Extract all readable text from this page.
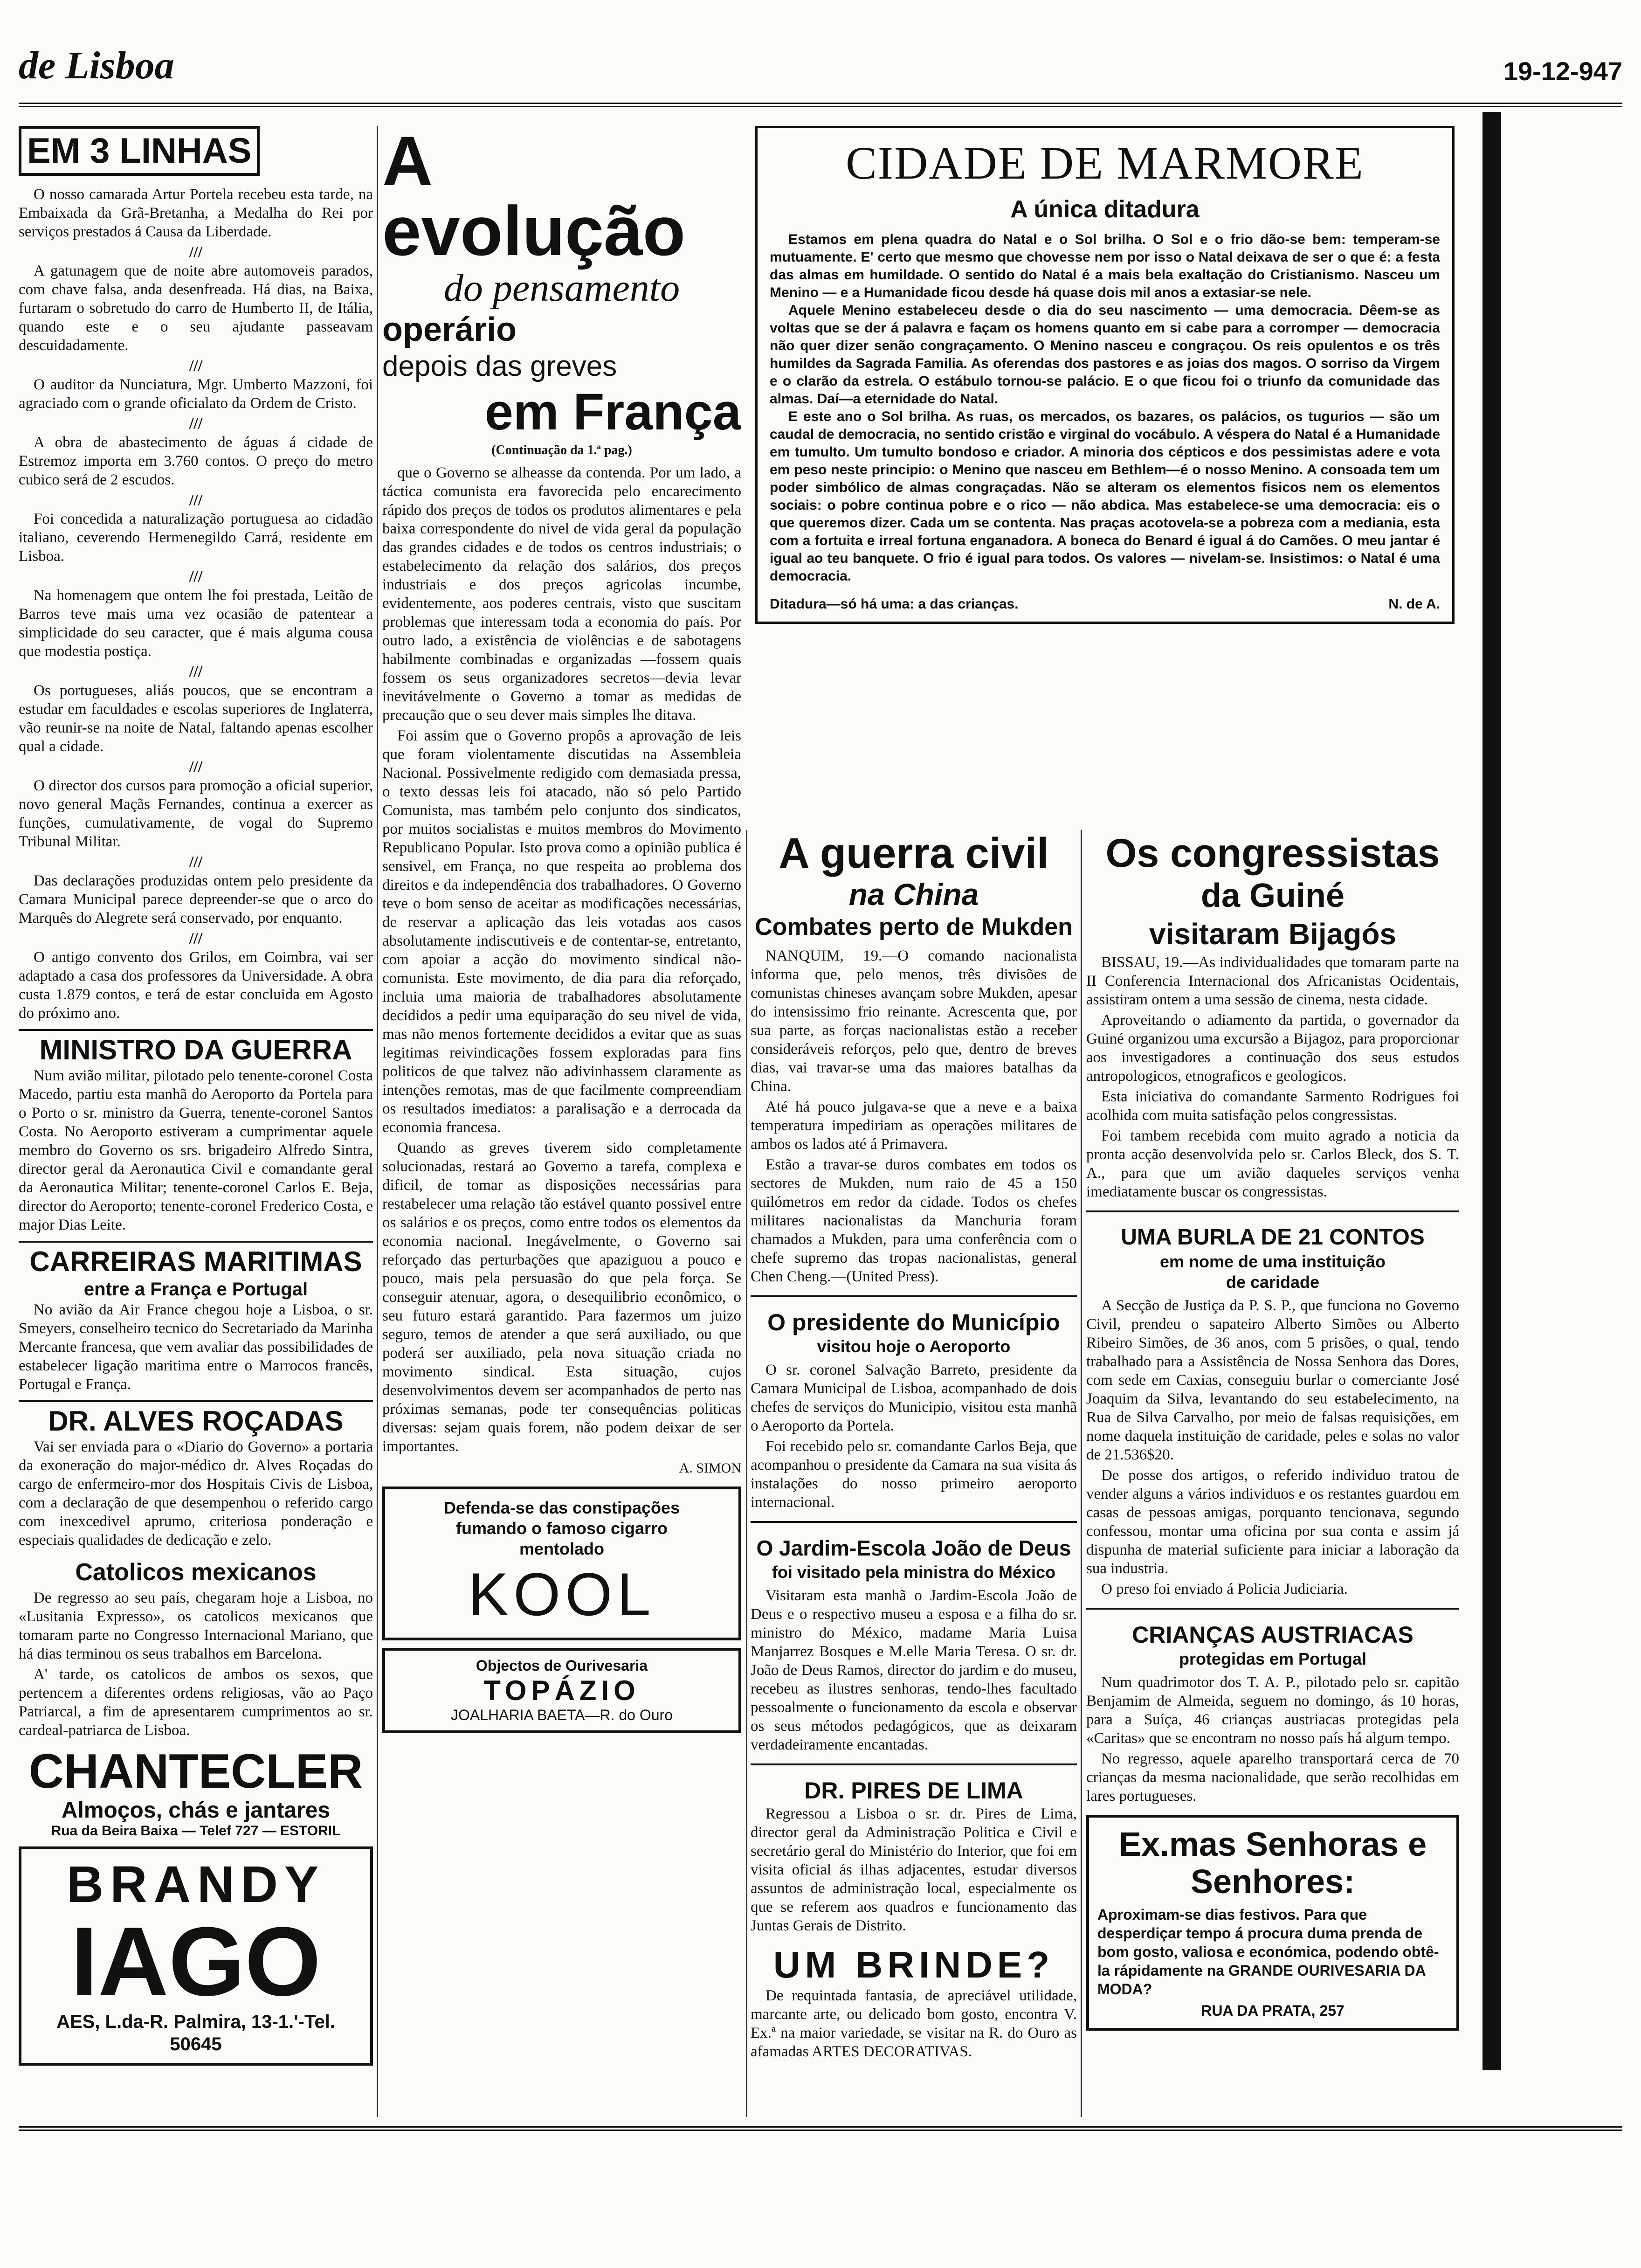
de Lisboa	19-12-947
EM 3 LINHAS

O nosso camarada Artur Portela recebeu esta tarde, na Embaixada da Grã-Bretanha, a Medalha do Rei por serviços prestados á Causa da Liberdade.

///

A gatunagem que de noite abre automoveis parados, com chave falsa, anda desenfreada. Há dias, na Baixa, furtaram o sobretudo do carro de Humberto II, de Itália, quando este e o seu ajudante passeavam descuidadamente.

///

O auditor da Nunciatura, Mgr. Umberto Mazzoni, foi agraciado com o grande oficialato da Ordem de Cristo.

///

A obra de abastecimento de águas á cidade de Estremoz importa em 3.760 contos. O preço do metro cubico será de 2 escudos.

///

Foi concedida a naturalização portuguesa ao cidadão italiano, ceverendo Hermenegildo Carrá, residente em Lisboa.

///

Na homenagem que ontem lhe foi prestada, Leitão de Barros teve mais uma vez ocasião de patentear a simplicidade do seu caracter, que é mais alguma cousa que modestia postiça.

///

Os portugueses, aliás poucos, que se encontram a estudar em faculdades e escolas superiores de Inglaterra, vão reunir-se na noite de Natal, faltando apenas escolher qual a cidade.

///

O director dos cursos para promoção a oficial superior, novo general Maçãs Fernandes, continua a exercer as funções, cumulativamente, de vogal do Supremo Tribunal Militar.

///

Das declarações produzidas ontem pelo presidente da Camara Municipal parece depreender-se que o arco do Marquês do Alegrete será conservado, por enquanto.

///

O antigo convento dos Grilos, em Coimbra, vai ser adaptado a casa dos professores da Universidade. A obra custa 1.879 contos, e terá de estar concluida em Agosto do próximo ano.

MINISTRO DA GUERRA

Num avião militar, pilotado pelo tenente-coronel Costa Macedo, partiu esta manhã do Aeroporto da Portela para o Porto o sr. ministro da Guerra, tenente-coronel Santos Costa. No Aeroporto estiveram a cumprimentar aquele membro do Governo os srs. brigadeiro Alfredo Sintra, director geral da Aeronautica Civil e comandante geral da Aeronautica Militar; tenente-coronel Carlos E. Beja, director do Aeroporto; tenente-coronel Frederico Costa, e major Dias Leite.

CARREIRAS MARITIMAS
entre a França e Portugal

No avião da Air France chegou hoje a Lisboa, o sr. Smeyers, conselheiro tecnico do Secretariado da Marinha Mercante francesa, que vem avaliar das possibilidades de estabelecer ligação maritima entre o Marrocos francês, Portugal e França.

DR. ALVES ROÇADAS

Vai ser enviada para o «Diario do Governo» a portaria da exoneração do major-médico dr. Alves Roçadas do cargo de enfermeiro-mor dos Hospitais Civis de Lisboa, com a declaração de que desempenhou o referido cargo com inexcedivel aprumo, criteriosa ponderação e especiais qualidades de dedicação e zelo.

Catolicos mexicanos

De regresso ao seu país, chegaram hoje a Lisboa, no «Lusitania Expresso», os catolicos mexicanos que tomaram parte no Congresso Internacional Mariano, que há dias terminou os seus trabalhos em Barcelona.

A' tarde, os catolicos de ambos os sexos, que pertencem a diferentes ordens religiosas, vão ao Paço Patriarcal, a fim de apresentarem cumprimentos ao sr. cardeal-patriarca de Lisboa.

CHANTECLER
Almoços, chás e jantares
Rua da Beira Baixa — Telef 727 — ESTORIL
BRANDY
IAGO
AES, L.da-R. Palmira, 13-1.'-Tel. 50645
A evolução
do pensamento
operário
depois das greves
em França
(Continuação da 1.ª pag.)

que o Governo se alheasse da contenda. Por um lado, a táctica comunista era favorecida pelo encarecimento rápido dos preços de todos os produtos alimentares e pela baixa correspondente do nivel de vida geral da população das grandes cidades e de todos os centros industriais; o estabelecimento da relação dos salários, dos preços industriais e dos preços agricolas incumbe, evidentemente, aos poderes centrais, visto que suscitam problemas que interessam toda a economia do país. Por outro lado, a existência de violências e de sabotagens habilmente combinadas e organizadas —fossem quais fossem os seus organizadores secretos—devia levar inevitávelmente o Governo a tomar as medidas de precaução que o seu dever mais simples lhe ditava.

Foi assim que o Governo propôs a aprovação de leis que foram violentamente discutidas na Assembleia Nacional. Possivelmente redigido com demasiada pressa, o texto dessas leis foi atacado, não só pelo Partido Comunista, mas também pelo conjunto dos sindicatos, por muitos socialistas e muitos membros do Movimento Republicano Popular. Isto prova como a opinião publica é sensivel, em França, no que respeita ao problema dos direitos e da independência dos trabalhadores. O Governo teve o bom senso de aceitar as modificações necessárias, de reservar a aplicação das leis votadas aos casos absolutamente indiscutiveis e de contentar-se, entretanto, com apoiar a acção do movimento sindical não-comunista. Este movimento, de dia para dia reforçado, incluia uma maioria de trabalhadores absolutamente decididos a pedir uma equiparação do seu nivel de vida, mas não menos fortemente decididos a evitar que as suas legitimas reivindicações fossem exploradas para fins politicos de que talvez não adivinhassem claramente as intenções remotas, mas de que facilmente compreendiam os resultados imediatos: a paralisação e a derrocada da economia francesa.

Quando as greves tiverem sido completamente solucionadas, restará ao Governo a tarefa, complexa e dificil, de tomar as disposições necessárias para restabelecer uma relação tão estável quanto possivel entre os salários e os preços, como entre todos os elementos da economia nacional. Inegávelmente, o Governo sai reforçado das perturbações que apaziguou a pouco e pouco, mais pela persuasão do que pela força. Se conseguir atenuar, agora, o desequilibrio econômico, o seu futuro estará garantido. Para fazermos um juizo seguro, temos de atender a que será auxiliado, ou que poderá ser auxiliado, pela nova situação criada no movimento sindical. Esta situação, cujos desenvolvimentos devem ser acompanhados de perto nas próximas semanas, pode ter consequências politicas diversas: sejam quais forem, não podem deixar de ser importantes.

A. SIMON
Defenda-se das constipações
fumando o famoso cigarro
mentolado
KOOL
Objectos de Ourivesaria
TOPÁZIO
JOALHARIA BAETA—R. do Ouro
CIDADE DE MARMORE
A única ditadura

Estamos em plena quadra do Natal e o Sol brilha. O Sol e o frio dão-se bem: temperam-se mutuamente. E' certo que mesmo que chovesse nem por isso o Natal deixava de ser o que é: a festa das almas em humildade. O sentido do Natal é a mais bela exaltação do Cristianismo. Nasceu um Menino — e a Humanidade ficou desde há quase dois mil anos a extasiar-se nele.

Aquele Menino estabeleceu desde o dia do seu nascimento — uma democracia. Dêem-se as voltas que se der á palavra e façam os homens quanto em si cabe para a corromper — democracia não quer dizer senão congraçamento. O Menino nasceu e congraçou. Os reis opulentos e os três humildes da Sagrada Familia. As oferendas dos pastores e as joias dos magos. O sorriso da Virgem e o clarão da estrela. O estábulo tornou-se palácio. E o que ficou foi o triunfo da comunidade das almas. Daí—a eternidade do Natal.

E este ano o Sol brilha. As ruas, os mercados, os bazares, os palácios, os tugurios — são um caudal de democracia, no sentido cristão e virginal do vocábulo. A véspera do Natal é a Humanidade em tumulto. Um tumulto bondoso e criador. A minoria dos cépticos e dos pessimistas adere e vota em peso neste principio: o Menino que nasceu em Bethlem—é o nosso Menino. A consoada tem um poder simbólico de almas congraçadas. Não se alteram os elementos fisicos nem os elementos sociais: o pobre continua pobre e o rico — não abdica. Mas estabelece-se uma democracia: eis o que queremos dizer. Cada um se contenta. Nas praças acotovela-se a pobreza com a mediania, esta com a fortuita e irreal fortuna enganadora. A boneca do Benard é igual á do Camões. O meu jantar é igual ao teu banquete. O frio é igual para todos. Os valores — nivelam-se. Insistimos: o Natal é uma democracia.

Ditadura—só há uma: a das crianças.	N. de A.
A guerra civil
na China
Combates perto de Mukden

NANQUIM, 19.—O comando nacionalista informa que, pelo menos, três divisões de comunistas chineses avançam sobre Mukden, apesar do intensissimo frio reinante. Acrescenta que, por sua parte, as forças nacionalistas estão a receber consideráveis reforços, pelo que, dentro de breves dias, vai travar-se uma das maiores batalhas da China.

Até há pouco julgava-se que a neve e a baixa temperatura impediriam as operações militares de ambos os lados até á Primavera.

Estão a travar-se duros combates em todos os sectores de Mukden, num raio de 45 a 150 quilómetros em redor da cidade. Todos os chefes militares nacionalistas da Manchuria foram chamados a Mukden, para uma conferência com o chefe supremo das tropas nacionalistas, general Chen Cheng.—(United Press).

O presidente do Município
visitou hoje o Aeroporto

O sr. coronel Salvação Barreto, presidente da Camara Municipal de Lisboa, acompanhado de dois chefes de serviços do Municipio, visitou esta manhã o Aeroporto da Portela.

Foi recebido pelo sr. comandante Carlos Beja, que acompanhou o presidente da Camara na sua visita ás instalações do nosso primeiro aeroporto internacional.

O Jardim-Escola João de Deus
foi visitado pela ministra do México

Visitaram esta manhã o Jardim-Escola João de Deus e o respectivo museu a esposa e a filha do sr. ministro do México, madame Maria Luisa Manjarrez Bosques e M.elle Maria Teresa. O sr. dr. João de Deus Ramos, director do jardim e do museu, recebeu as ilustres senhoras, tendo-lhes facultado pessoalmente o funcionamento da escola e observar os seus métodos pedagógicos, que as deixaram verdadeiramente encantadas.

DR. PIRES DE LIMA

Regressou a Lisboa o sr. dr. Pires de Lima, director geral da Administração Politica e Civil e secretário geral do Ministério do Interior, que foi em visita oficial ás ilhas adjacentes, estudar diversos assuntos de administração local, especialmente os que se referem aos quadros e funcionamento das Juntas Gerais de Distrito.

UM BRINDE?

De requintada fantasia, de apreciável utilidade, marcante arte, ou delicado bom gosto, encontra V. Ex.ª na maior variedade, se visitar na R. do Ouro as afamadas ARTES DECORATIVAS.

Os congressistas
da Guiné
visitaram Bijagós

BISSAU, 19.—As individualidades que tomaram parte na II Conferencia Internacional dos Africanistas Ocidentais, assistiram ontem a uma sessão de cinema, nesta cidade.

Aproveitando o adiamento da partida, o governador da Guiné organizou uma excursão a Bijagoz, para proporcionar aos investigadores a continuação dos seus estudos antropologicos, etnograficos e geologicos.

Esta iniciativa do comandante Sarmento Rodrigues foi acolhida com muita satisfação pelos congressistas.

Foi tambem recebida com muito agrado a noticia da pronta acção desenvolvida pelo sr. Carlos Bleck, dos S. T. A., para que um avião daqueles serviços venha imediatamente buscar os congressistas.

UMA BURLA DE 21 CONTOS
em nome de uma instituição
de caridade

A Secção de Justiça da P. S. P., que funciona no Governo Civil, prendeu o sapateiro Alberto Simões ou Alberto Ribeiro Simões, de 36 anos, com 5 prisões, o qual, tendo trabalhado para a Assistência de Nossa Senhora das Dores, com sede em Caxias, conseguiu burlar o comerciante José Joaquim da Silva, levantando do seu estabelecimento, na Rua de Silva Carvalho, por meio de falsas requisições, em nome daquela instituição de caridade, peles e solas no valor de 21.536$20.

De posse dos artigos, o referido individuo tratou de vender alguns a vários individuos e os restantes guardou em casas de pessoas amigas, porquanto tencionava, segundo confessou, montar uma oficina por sua conta e assim já dispunha de material suficiente para iniciar a laboração da sua industria.

O preso foi enviado á Policia Judiciaria.

CRIANÇAS AUSTRIACAS
protegidas em Portugal

Num quadrimotor dos T. A. P., pilotado pelo sr. capitão Benjamim de Almeida, seguem no domingo, ás 10 horas, para a Suíça, 46 crianças austriacas protegidas pela «Caritas» que se encontram no nosso país há algum tempo.

No regresso, aquele aparelho transportará cerca de 70 crianças da mesma nacionalidade, que serão recolhidas em lares portugueses.

Ex.mas Senhoras e Senhores:
Aproximam-se dias festivos. Para que desperdiçar tempo á procura duma prenda de bom gosto, valiosa e económica, podendo obtê-la rápidamente na GRANDE OURIVESARIA DA MODA?
RUA DA PRATA, 257
